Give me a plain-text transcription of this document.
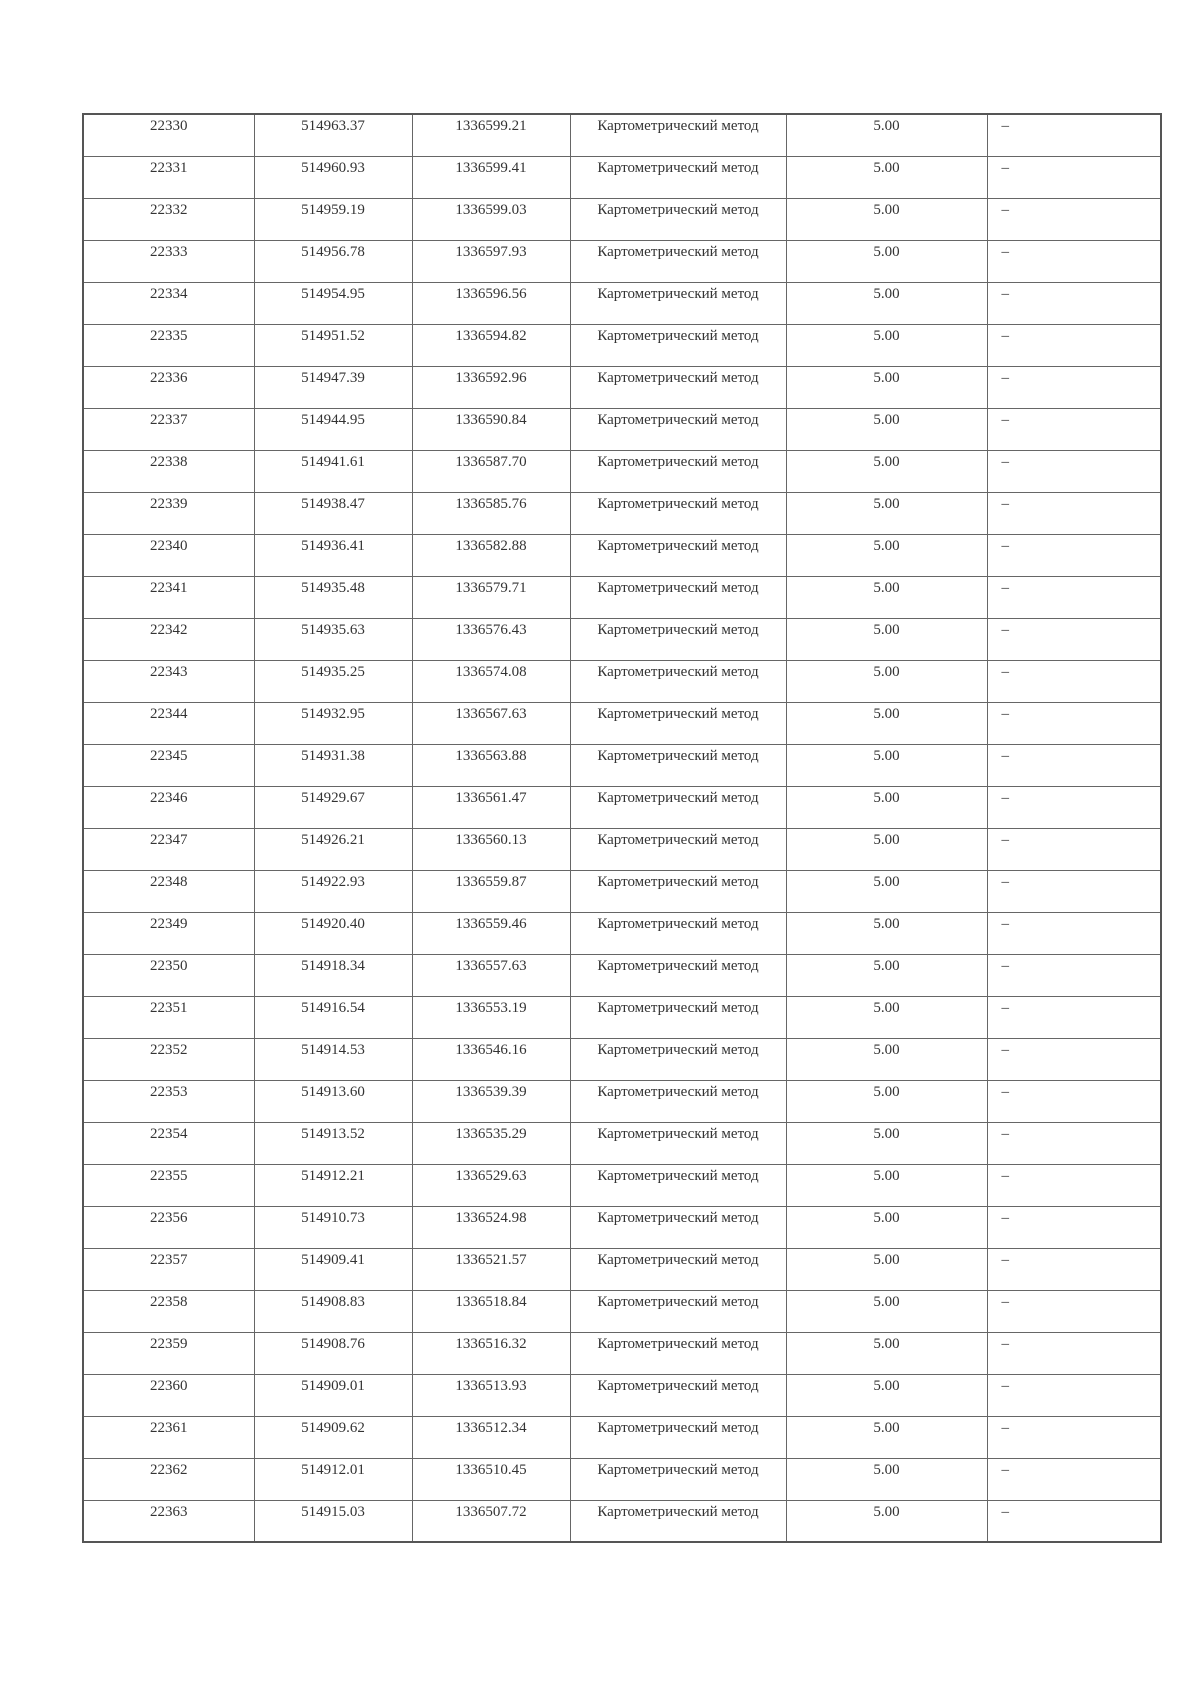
22330	514963.37	1336599.21	Картометрический метод	5.00	–
22331	514960.93	1336599.41	Картометрический метод	5.00	–
22332	514959.19	1336599.03	Картометрический метод	5.00	–
22333	514956.78	1336597.93	Картометрический метод	5.00	–
22334	514954.95	1336596.56	Картометрический метод	5.00	–
22335	514951.52	1336594.82	Картометрический метод	5.00	–
22336	514947.39	1336592.96	Картометрический метод	5.00	–
22337	514944.95	1336590.84	Картометрический метод	5.00	–
22338	514941.61	1336587.70	Картометрический метод	5.00	–
22339	514938.47	1336585.76	Картометрический метод	5.00	–
22340	514936.41	1336582.88	Картометрический метод	5.00	–
22341	514935.48	1336579.71	Картометрический метод	5.00	–
22342	514935.63	1336576.43	Картометрический метод	5.00	–
22343	514935.25	1336574.08	Картометрический метод	5.00	–
22344	514932.95	1336567.63	Картометрический метод	5.00	–
22345	514931.38	1336563.88	Картометрический метод	5.00	–
22346	514929.67	1336561.47	Картометрический метод	5.00	–
22347	514926.21	1336560.13	Картометрический метод	5.00	–
22348	514922.93	1336559.87	Картометрический метод	5.00	–
22349	514920.40	1336559.46	Картометрический метод	5.00	–
22350	514918.34	1336557.63	Картометрический метод	5.00	–
22351	514916.54	1336553.19	Картометрический метод	5.00	–
22352	514914.53	1336546.16	Картометрический метод	5.00	–
22353	514913.60	1336539.39	Картометрический метод	5.00	–
22354	514913.52	1336535.29	Картометрический метод	5.00	–
22355	514912.21	1336529.63	Картометрический метод	5.00	–
22356	514910.73	1336524.98	Картометрический метод	5.00	–
22357	514909.41	1336521.57	Картометрический метод	5.00	–
22358	514908.83	1336518.84	Картометрический метод	5.00	–
22359	514908.76	1336516.32	Картометрический метод	5.00	–
22360	514909.01	1336513.93	Картометрический метод	5.00	–
22361	514909.62	1336512.34	Картометрический метод	5.00	–
22362	514912.01	1336510.45	Картометрический метод	5.00	–
22363	514915.03	1336507.72	Картометрический метод	5.00	–
